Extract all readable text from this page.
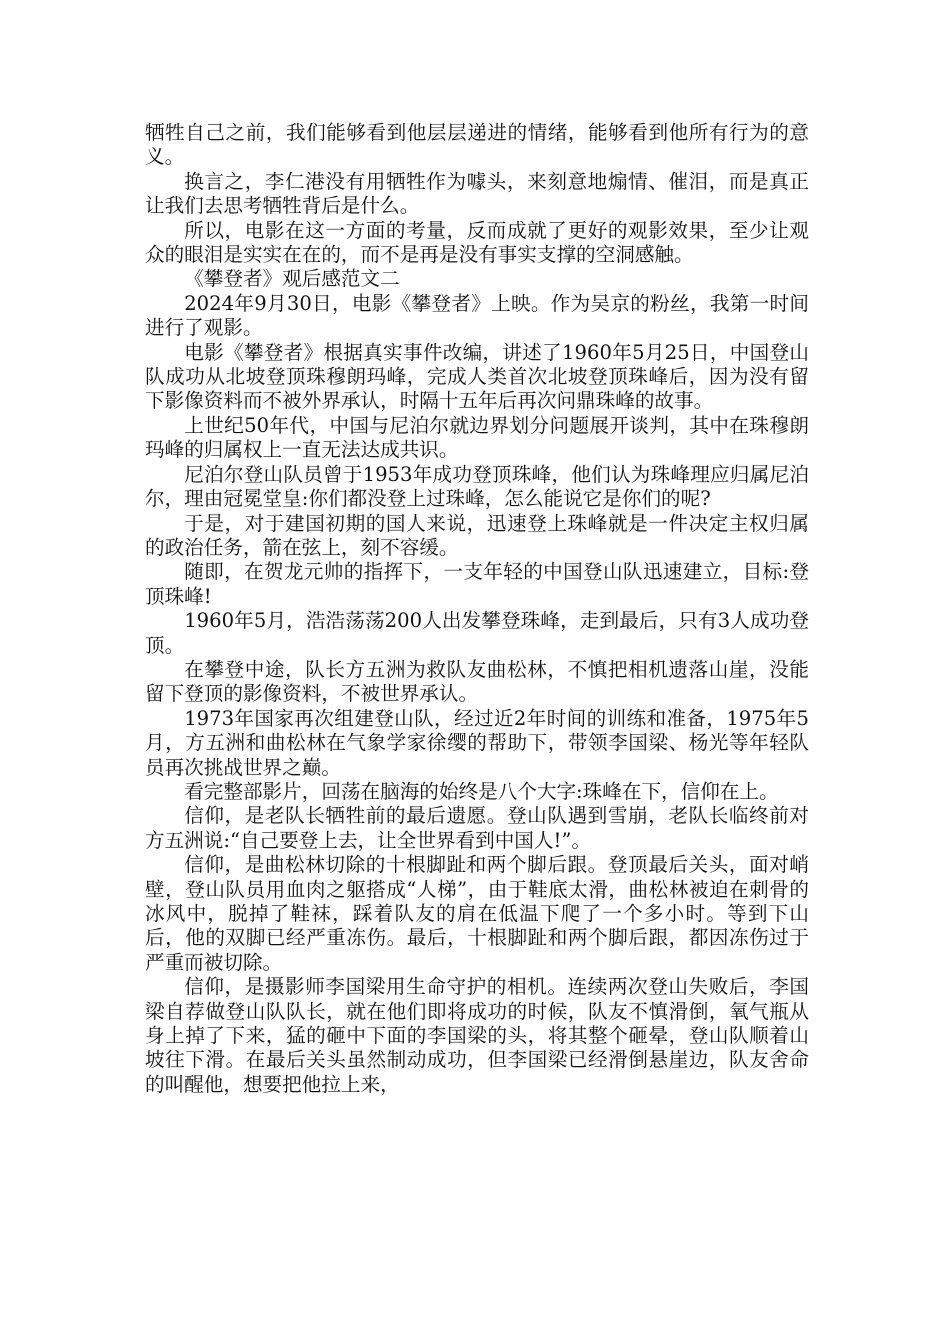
牺牲自己之前，我们能够看到他层层递进的情绪，能够看到他所有行为的意义。

换言之，李仁港没有用牺牲作为噱头，来刻意地煽情、催泪，而是真正让我们去思考牺牲背后是什么。

所以，电影在这一方面的考量，反而成就了更好的观影效果，至少让观众的眼泪是实实在在的，而不是再是没有事实支撑的空洞感触。

《攀登者》观后感范文二

2024年9月30日，电影《攀登者》上映。作为吴京的粉丝，我第一时间进行了观影。

电影《攀登者》根据真实事件改编，讲述了1960年5月25日，中国登山队成功从北坡登顶珠穆朗玛峰，完成人类首次北坡登顶珠峰后，因为没有留下影像资料而不被外界承认，时隔十五年后再次问鼎珠峰的故事。

上世纪50年代，中国与尼泊尔就边界划分问题展开谈判，其中在珠穆朗玛峰的归属权上一直无法达成共识。

尼泊尔登山队员曾于1953年成功登顶珠峰，他们认为珠峰理应归属尼泊尔，理由冠冕堂皇:你们都没登上过珠峰，怎么能说它是你们的呢?

于是，对于建国初期的国人来说，迅速登上珠峰就是一件决定主权归属的政治任务，箭在弦上，刻不容缓。

随即，在贺龙元帅的指挥下，一支年轻的中国登山队迅速建立，目标:登顶珠峰!

1960年5月，浩浩荡荡200人出发攀登珠峰，走到最后，只有3人成功登顶。

在攀登中途，队长方五洲为救队友曲松林，不慎把相机遗落山崖，没能留下登顶的影像资料，不被世界承认。

1973年国家再次组建登山队，经过近2年时间的训练和准备，1975年5月，方五洲和曲松林在气象学家徐缨的帮助下，带领李国梁、杨光等年轻队员再次挑战世界之巅。

看完整部影片，回荡在脑海的始终是八个大字:珠峰在下，信仰在上。

信仰，是老队长牺牲前的最后遗愿。登山队遇到雪崩，老队长临终前对方五洲说:“自己要登上去，让全世界看到中国人!”。

信仰，是曲松林切除的十根脚趾和两个脚后跟。登顶最后关头，面对峭壁，登山队员用血肉之躯搭成“人梯”，由于鞋底太滑，曲松林被迫在刺骨的冰风中，脱掉了鞋袜，踩着队友的肩在低温下爬了一个多小时。等到下山后，他的双脚已经严重冻伤。最后，十根脚趾和两个脚后跟，都因冻伤过于严重而被切除。

信仰，是摄影师李国梁用生命守护的相机。连续两次登山失败后，李国梁自荐做登山队队长，就在他们即将成功的时候，队友不慎滑倒，氧气瓶从身上掉了下来，猛的砸中下面的李国梁的头，将其整个砸晕，登山队顺着山坡往下滑。在最后关头虽然制动成功，但李国梁已经滑倒悬崖边，队友舍命的叫醒他，想要把他拉上来，
